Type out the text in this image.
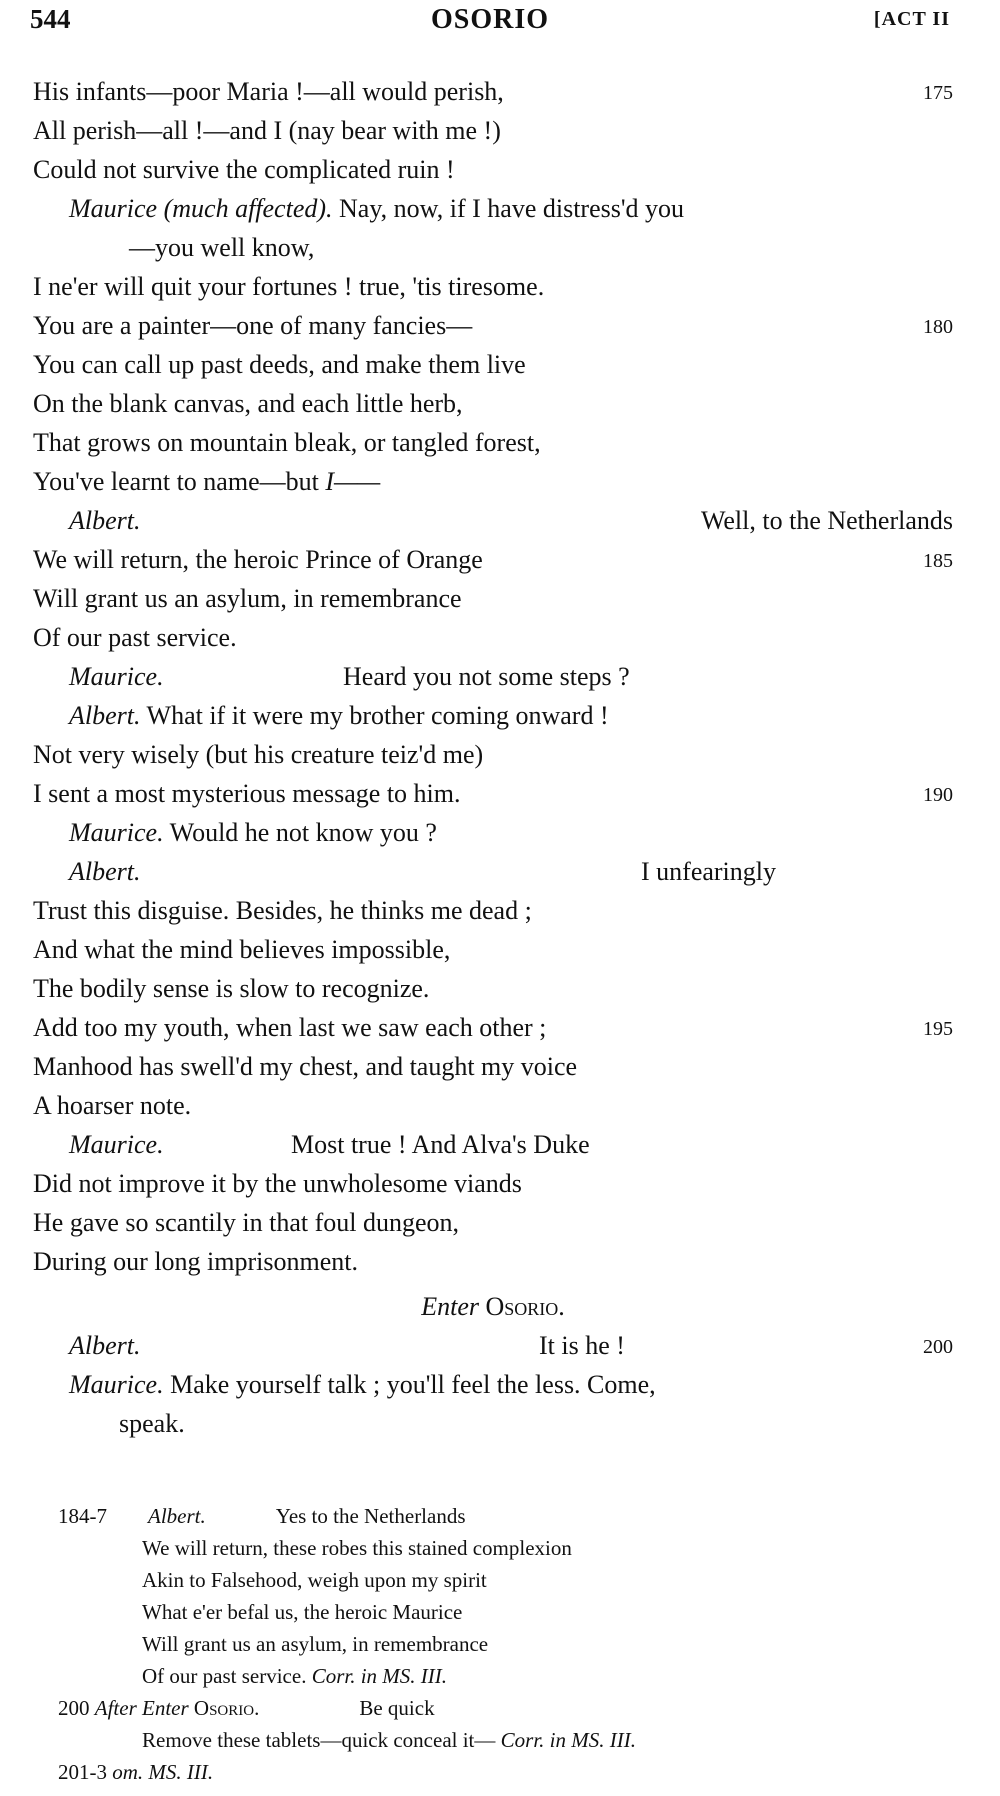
544	OSORIO	[ACT II
His infants—poor Maria !—all would perish,	175
All perish—all !—and I (nay bear with me !)
Could not survive the complicated ruin !
Maurice (much affected). Nay, now, if I have distress'd you
—you well know,
I ne'er will quit your fortunes ! true, 'tis tiresome.
You are a painter—one of many fancies—	180
You can call up past deeds, and make them live
On the blank canvas, and each little herb,
That grows on mountain bleak, or tangled forest,
You've learnt to name—but I——
Albert.	Well, to the Netherlands
We will return, the heroic Prince of Orange	185
Will grant us an asylum, in remembrance
Of our past service.
Maurice.	Heard you not some steps ?
Albert. What if it were my brother coming onward !
Not very wisely (but his creature teiz'd me)
I sent a most mysterious message to him.	190
Maurice. Would he not know you ?
Albert.	I unfearingly
Trust this disguise. Besides, he thinks me dead ;
And what the mind believes impossible,
The bodily sense is slow to recognize.
Add too my youth, when last we saw each other ;	195
Manhood has swell'd my chest, and taught my voice
A hoarser note.
Maurice.	Most true ! And Alva's Duke
Did not improve it by the unwholesome viands
He gave so scantily in that foul dungeon,
During our long imprisonment.
Enter Osorio.
Albert.	It is he !	200
Maurice. Make yourself talk ; you'll feel the less. Come,
speak.
184-7 Albert.	Yes to the Netherlands
We will return, these robes this stained complexion
Akin to Falsehood, weigh upon my spirit
What e'er befal us, the heroic Maurice
Will grant us an asylum, in remembrance
Of our past service. Corr. in MS. III.
200 After Enter Osorio.	Be quick
Remove these tablets—quick conceal it— Corr. in MS. III.
201-3 om. MS. III.
